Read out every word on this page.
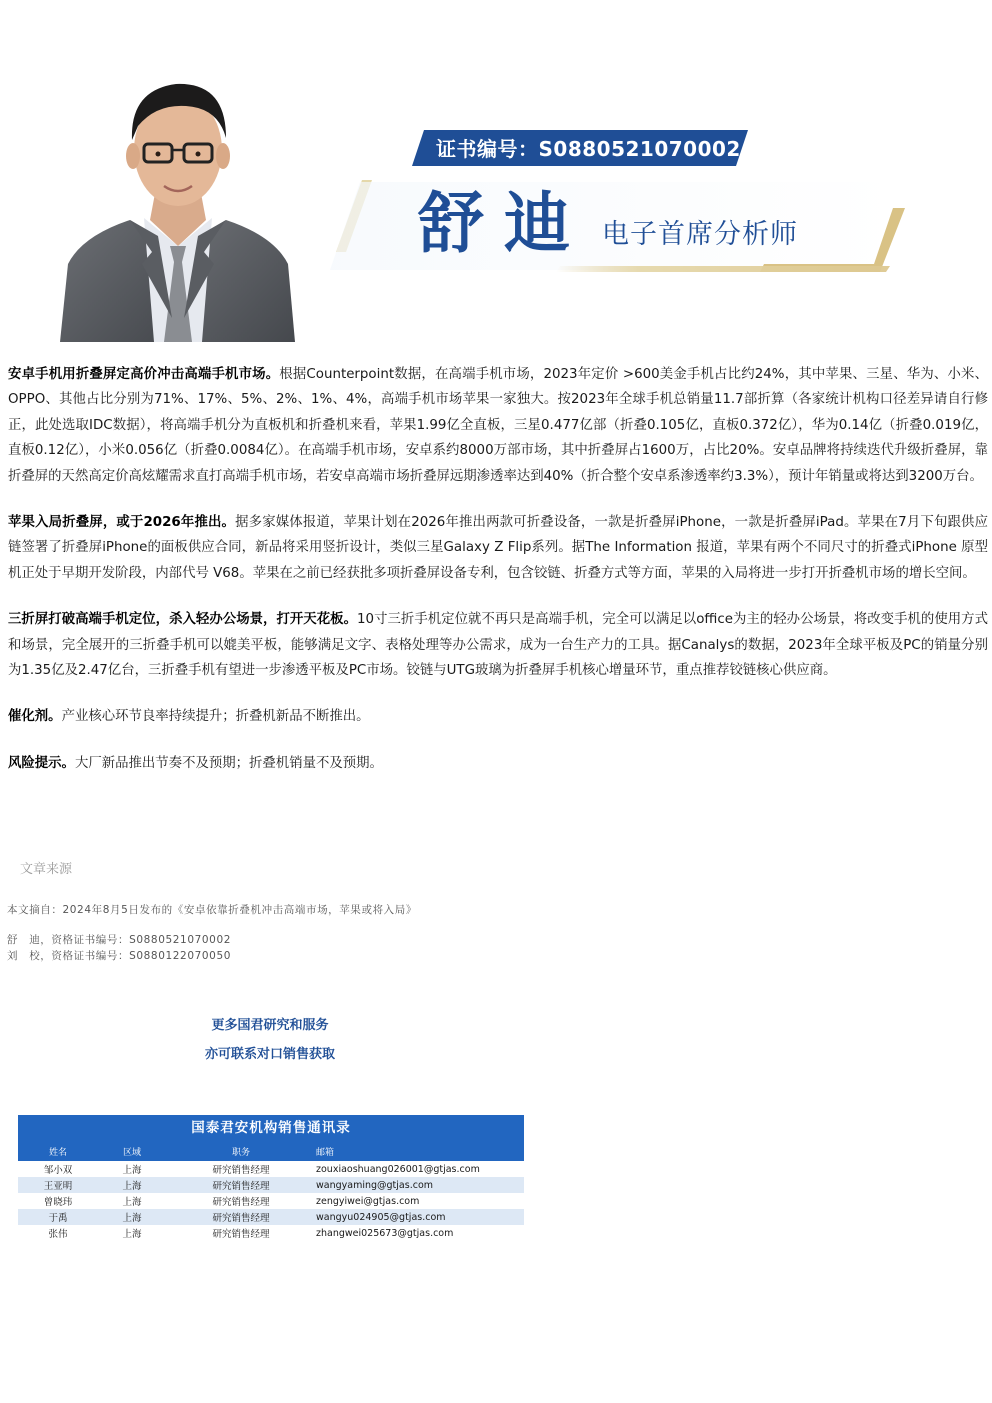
证书编号：S0880521070002
舒迪 电子首席分析师

安卓手机用折叠屏定高价冲击高端手机市场。根据Counterpoint数据，在高端手机市场，2023年定价 >600美金手机占比约24%，其中苹果、三星、华为、小米、OPPO、其他占比分别为71%、17%、5%、2%、1%、4%，高端手机市场苹果一家独大。按2023年全球手机总销量11.7部折算（各家统计机构口径差异请自行修正，此处选取IDC数据），将高端手机分为直板机和折叠机来看，苹果1.99亿全直板，三星0.477亿部（折叠0.105亿，直板0.372亿），华为0.14亿（折叠0.019亿，直板0.12亿），小米0.056亿（折叠0.0084亿）。在高端手机市场，安卓系约8000万部市场，其中折叠屏占1600万，占比20%。安卓品牌将持续迭代升级折叠屏，靠折叠屏的天然高定价高炫耀需求直打高端手机市场，若安卓高端市场折叠屏远期渗透率达到40%（折合整个安卓系渗透率约3.3%），预计年销量或将达到3200万台。

苹果入局折叠屏，或于2026年推出。据多家媒体报道，苹果计划在2026年推出两款可折叠设备，一款是折叠屏iPhone，一款是折叠屏iPad。苹果在7月下旬跟供应链签署了折叠屏iPhone的面板供应合同，新品将采用竖折设计，类似三星Galaxy Z Flip系列。据The Information 报道，苹果有两个不同尺寸的折叠式iPhone 原型机正处于早期开发阶段，内部代号 V68。苹果在之前已经获批多项折叠屏设备专利，包含铰链、折叠方式等方面，苹果的入局将进一步打开折叠机市场的增长空间。

三折屏打破高端手机定位，杀入轻办公场景，打开天花板。10寸三折手机定位就不再只是高端手机，完全可以满足以office为主的轻办公场景，将改变手机的使用方式和场景，完全展开的三折叠手机可以媲美平板，能够满足文字、表格处理等办公需求，成为一台生产力的工具。据Canalys的数据，2023年全球平板及PC的销量分别为1.35亿及2.47亿台，三折叠手机有望进一步渗透平板及PC市场。铰链与UTG玻璃为折叠屏手机核心增量环节，重点推荐铰链核心供应商。

催化剂。产业核心环节良率持续提升；折叠机新品不断推出。

风险提示。大厂新品推出节奏不及预期；折叠机销量不及预期。

文章来源
本文摘自：2024年8月5日发布的《安卓依靠折叠机冲击高端市场，苹果或将入局》
舒　迪，资格证书编号：S0880521070002
刘　校，资格证书编号：S0880122070050
更多国君研究和服务
亦可联系对口销售获取
国泰君安机构销售通讯录
姓名	区域	职务	邮箱
邹小双	上海	研究销售经理	zouxiaoshuang026001@gtjas.com
王亚明	上海	研究销售经理	wangyaming@gtjas.com
曾晓玮	上海	研究销售经理	zengyiwei@gtjas.com
于禹	上海	研究销售经理	wangyu024905@gtjas.com
张伟	上海	研究销售经理	zhangwei025673@gtjas.com
